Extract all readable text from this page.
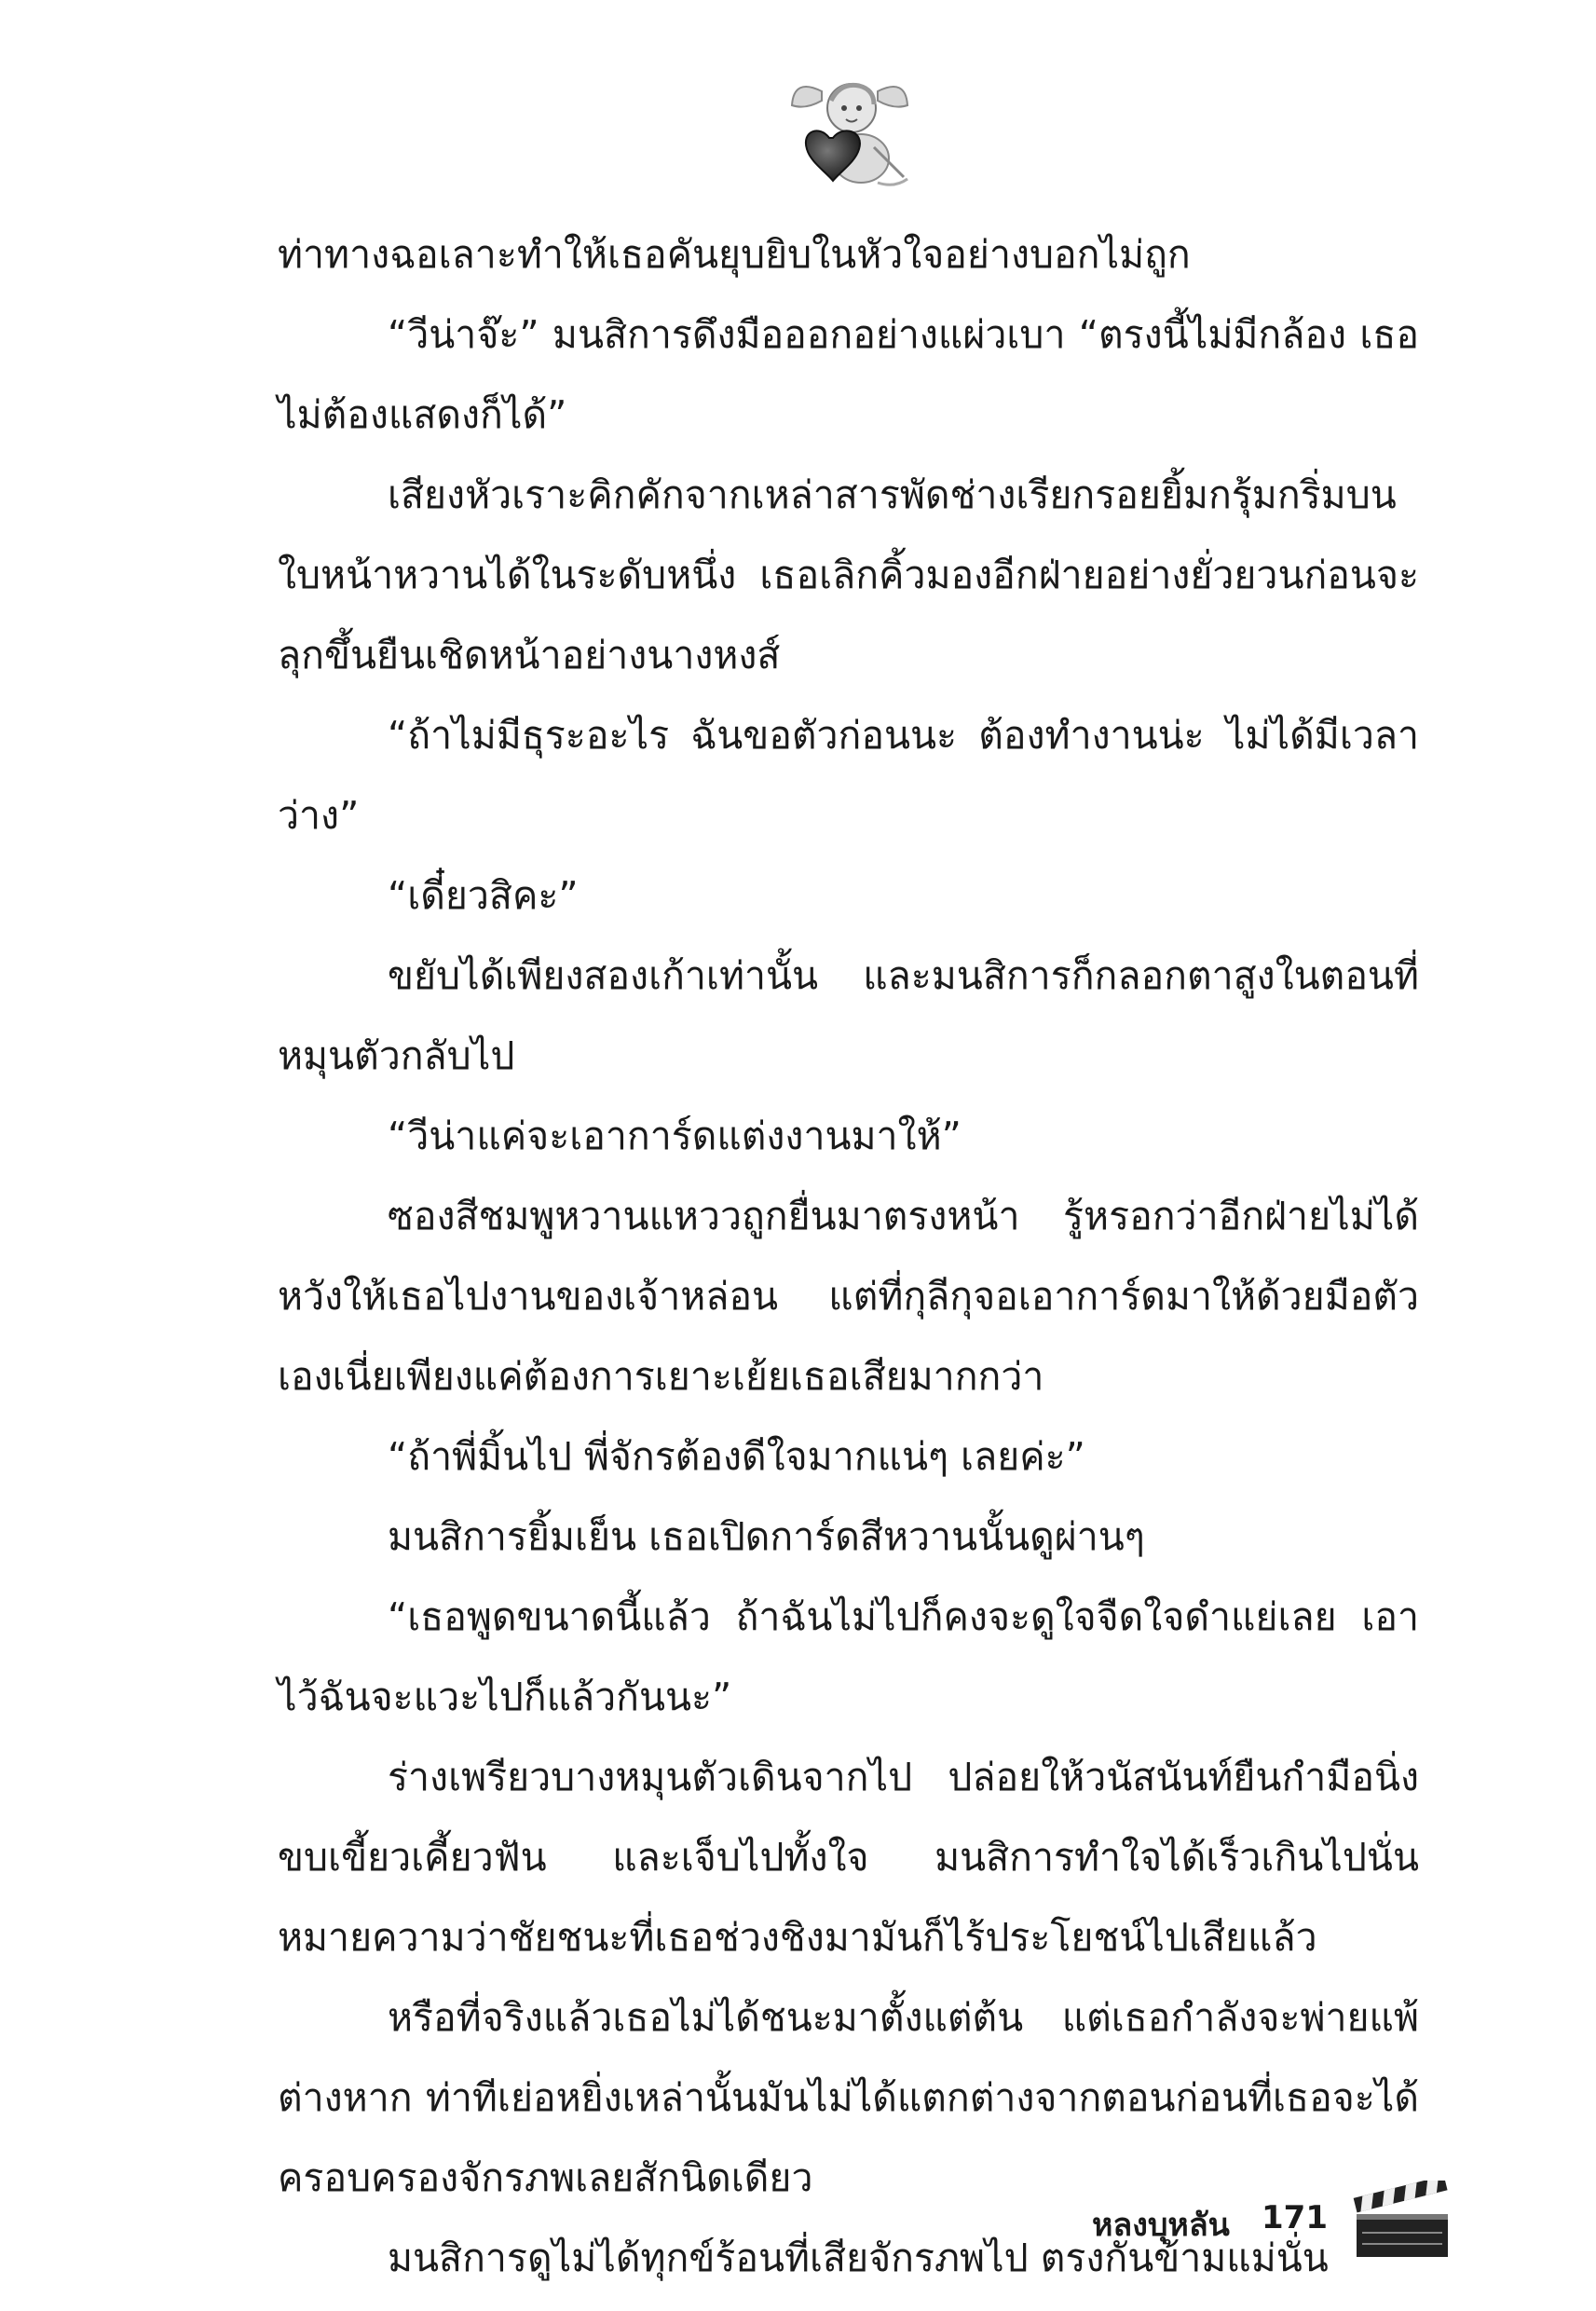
ท่าทางฉอเลาะทำให้เธอคันยุบยิบในหัวใจอย่างบอกไม่ถูก

“วีน่าจ๊ะ” มนสิการดึงมือออกอย่างแผ่วเบา “ตรงนี้ไม่มีกล้อง เธอไม่ต้องแสดงก็ได้”

เสียงหัวเราะคิกคักจากเหล่าสารพัดช่างเรียกรอยยิ้มกรุ้มกริ่มบนใบหน้าหวานได้ในระดับหนึ่ง เธอเลิกคิ้วมองอีกฝ่ายอย่างยั่วยวนก่อนจะลุกขึ้นยืนเชิดหน้าอย่างนางหงส์

“ถ้าไม่มีธุระอะไร ฉันขอตัวก่อนนะ ต้องทำงานน่ะ ไม่ได้มีเวลาว่าง”

“เดี๋ยวสิคะ”

ขยับได้เพียงสองเก้าเท่านั้น และมนสิการก็กลอกตาสูงในตอนที่หมุนตัวกลับไป

“วีน่าแค่จะเอาการ์ดแต่งงานมาให้”

ซองสีชมพูหวานแหววถูกยื่นมาตรงหน้า รู้หรอกว่าอีกฝ่ายไม่ได้หวังให้เธอไปงานของเจ้าหล่อน แต่ที่กุลีกุจอเอาการ์ดมาให้ด้วยมือตัวเองเนี่ยเพียงแค่ต้องการเยาะเย้ยเธอเสียมากกว่า

“ถ้าพี่มิ้นไป พี่จักรต้องดีใจมากแน่ๆ เลยค่ะ”

มนสิการยิ้มเย็น เธอเปิดการ์ดสีหวานนั้นดูผ่านๆ

“เธอพูดขนาดนี้แล้ว ถ้าฉันไม่ไปก็คงจะดูใจจืดใจดำแย่เลย เอาไว้ฉันจะแวะไปก็แล้วกันนะ”

ร่างเพรียวบางหมุนตัวเดินจากไป ปล่อยให้วนัสนันท์ยืนกำมือนิ่งขบเขี้ยวเคี้ยวฟัน และเจ็บไปทั้งใจ มนสิการทำใจได้เร็วเกินไปนั่นหมายความว่าชัยชนะที่เธอช่วงชิงมามันก็ไร้ประโยชน์ไปเสียแล้ว

หรือที่จริงแล้วเธอไม่ได้ชนะมาตั้งแต่ต้น แต่เธอกำลังจะพ่ายแพ้ต่างหาก ท่าทีเย่อหยิ่งเหล่านั้นมันไม่ได้แตกต่างจากตอนก่อนที่เธอจะได้ครอบครองจักรภพเลยสักนิดเดียว

มนสิการดูไม่ได้ทุกข์ร้อนที่เสียจักรภพไป ตรงกันข้ามแม่นั่น

หลงบุหลัน 171
